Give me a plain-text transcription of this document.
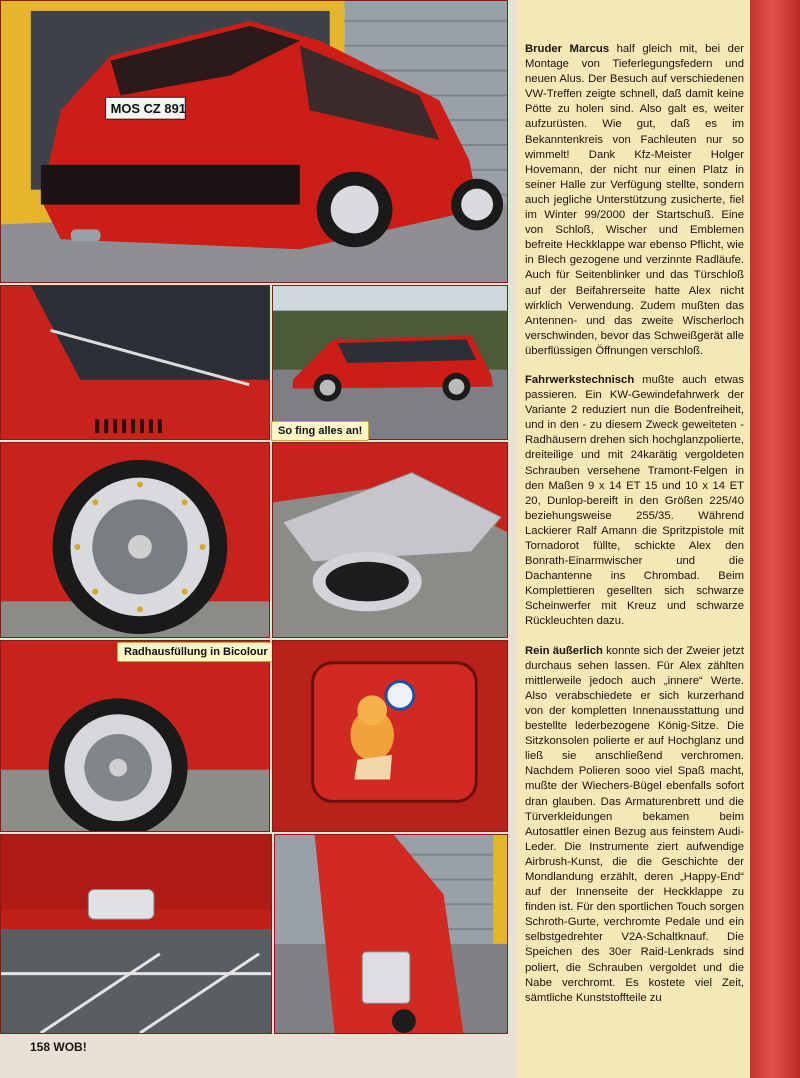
MOS CZ 891
So fing alles an!
Radhausfüllung in Bicolour
158 WOB!

Bruder Marcus half gleich mit, bei der Montage von Tieferlegungsfedern und neuen Alus. Der Besuch auf verschiedenen VW-Treffen zeigte schnell, daß damit keine Pötte zu holen sind. Also galt es, weiter aufzurüsten. Wie gut, daß es im Bekanntenkreis von Fachleuten nur so wimmelt! Dank Kfz-Meister Holger Hovemann, der nicht nur einen Platz in seiner Halle zur Verfügung stellte, sondern auch jegliche Unterstützung zusicherte, fiel im Winter 99/2000 der Startschuß. Eine von Schloß, Wischer und Emblemen befreite Heckklappe war ebenso Pflicht, wie in Blech gezogene und verzinnte Radläufe. Auch für Seitenblinker und das Türschloß auf der Beifahrerseite hatte Alex nicht wirklich Verwendung. Zudem mußten das Antennen- und das zweite Wischerloch verschwinden, bevor das Schweißgerät alle überflüssigen Öffnungen verschloß.

Fahrwerkstechnisch mußte auch etwas passieren. Ein KW-Gewindefahrwerk der Variante 2 reduziert nun die Bodenfreiheit, und in den - zu diesem Zweck geweiteten - Radhäusern drehen sich hochglanzpolierte, dreiteilige und mit 24karätig vergoldeten Schrauben versehene Tramont-Felgen in den Maßen 9 x 14 ET 15 und 10 x 14 ET 20, Dunlop-bereift in den Größen 225/40 beziehungsweise 255/35. Während Lackierer Ralf Amann die Spritzpistole mit Tornadorot füllte, schickte Alex den Bonrath-Einarmwischer und die Dachantenne ins Chrombad. Beim Komplettieren gesellten sich schwarze Scheinwerfer mit Kreuz und schwarze Rückleuchten dazu.

Rein äußerlich konnte sich der Zweier jetzt durchaus sehen lassen. Für Alex zählten mittlerweile jedoch auch „innere“ Werte. Also verabschiedete er sich kurzerhand von der kompletten Innenausstattung und bestellte lederbezogene König-Sitze. Die Sitzkonsolen polierte er auf Hochglanz und ließ sie anschließend verchromen. Nachdem Polieren sooo viel Spaß macht, mußte der Wiechers-Bügel ebenfalls sofort dran glauben. Das Armaturenbrett und die Türverkleidungen bekamen beim Autosattler einen Bezug aus feinstem Audi-Leder. Die Instrumente ziert aufwendige Airbrush-Kunst, die die Geschichte der Mondlandung erzählt, deren „Happy-End“ auf der Innenseite der Heckklappe zu finden ist. Für den sportlichen Touch sorgen Schroth-Gurte, verchromte Pedale und ein selbstgedrehter V2A-Schaltknauf. Die Speichen des 30er Raid-Lenkrads sind poliert, die Schrauben vergoldet und die Nabe verchromt. Es kostete viel Zeit, sämtliche Kunststoffteile zu
